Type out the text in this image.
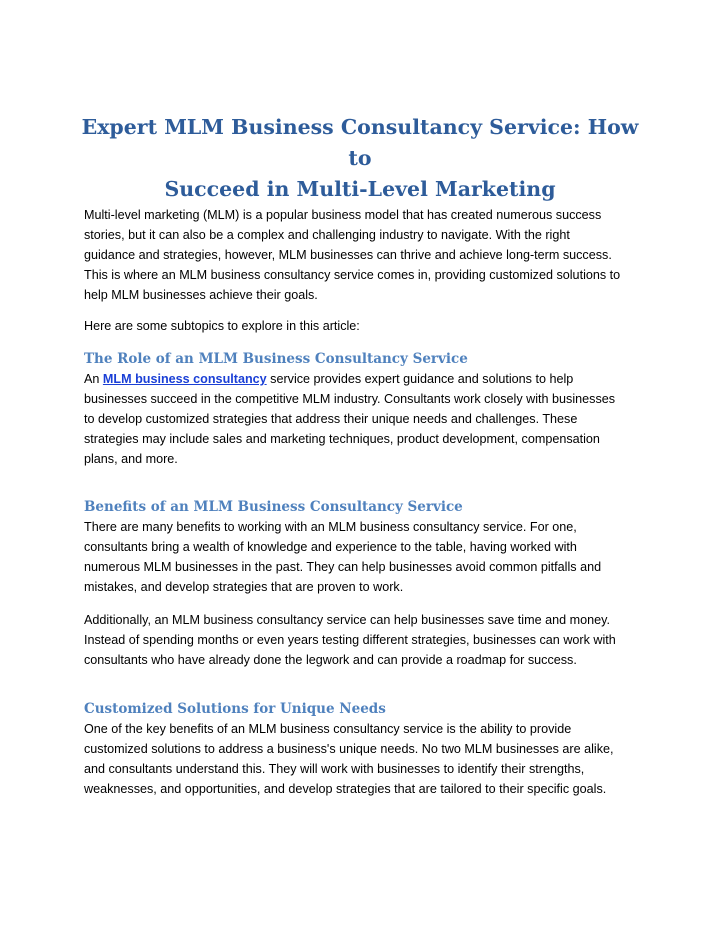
Expert MLM Business Consultancy Service: How to
Succeed in Multi-Level Marketing

Multi-level marketing (MLM) is a popular business model that has created numerous success
stories, but it can also be a complex and challenging industry to navigate. With the right
guidance and strategies, however, MLM businesses can thrive and achieve long-term success.
This is where an MLM business consultancy service comes in, providing customized solutions to
help MLM businesses achieve their goals.

Here are some subtopics to explore in this article:

The Role of an MLM Business Consultancy Service

An MLM business consultancy service provides expert guidance and solutions to help
businesses succeed in the competitive MLM industry. Consultants work closely with businesses
to develop customized strategies that address their unique needs and challenges. These
strategies may include sales and marketing techniques, product development, compensation
plans, and more.

Benefits of an MLM Business Consultancy Service

There are many benefits to working with an MLM business consultancy service. For one,
consultants bring a wealth of knowledge and experience to the table, having worked with
numerous MLM businesses in the past. They can help businesses avoid common pitfalls and
mistakes, and develop strategies that are proven to work.

Additionally, an MLM business consultancy service can help businesses save time and money.
Instead of spending months or even years testing different strategies, businesses can work with
consultants who have already done the legwork and can provide a roadmap for success.

Customized Solutions for Unique Needs

One of the key benefits of an MLM business consultancy service is the ability to provide
customized solutions to address a business's unique needs. No two MLM businesses are alike,
and consultants understand this. They will work with businesses to identify their strengths,
weaknesses, and opportunities, and develop strategies that are tailored to their specific goals.
